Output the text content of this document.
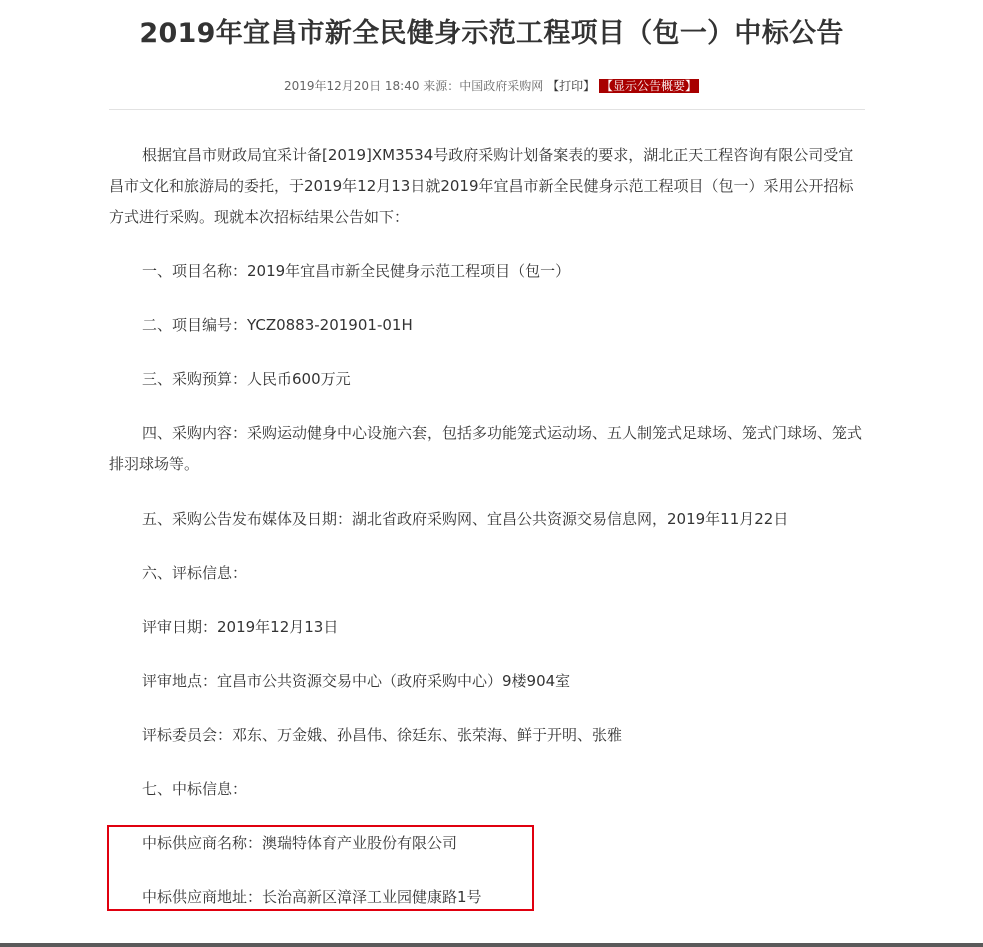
2019年宜昌市新全民健身示范工程项目（包一）中标公告
2019年12月20日 18:40 来源：中国政府采购网 【打印】 【显示公告概要】

根据宜昌市财政局宜采计备[2019]XM3534号政府采购计划备案表的要求，湖北正天工程咨询有限公司受宜昌市文化和旅游局的委托，于2019年12月13日就2019年宜昌市新全民健身示范工程项目（包一）采用公开招标方式进行采购。现就本次招标结果公告如下：

一、项目名称：2019年宜昌市新全民健身示范工程项目（包一）

二、项目编号：YCZ0883-201901-01H

三、采购预算：人民币600万元

四、采购内容：采购运动健身中心设施六套，包括多功能笼式运动场、五人制笼式足球场、笼式门球场、笼式排羽球场等。

五、采购公告发布媒体及日期：湖北省政府采购网、宜昌公共资源交易信息网，2019年11月22日

六、评标信息：

评审日期：2019年12月13日

评审地点：宜昌市公共资源交易中心（政府采购中心）9楼904室

评标委员会：邓东、万金娥、孙昌伟、徐廷东、张荣海、鲜于开明、张雅

七、中标信息：

中标供应商名称：澳瑞特体育产业股份有限公司

中标供应商地址：长治高新区漳泽工业园健康路1号
